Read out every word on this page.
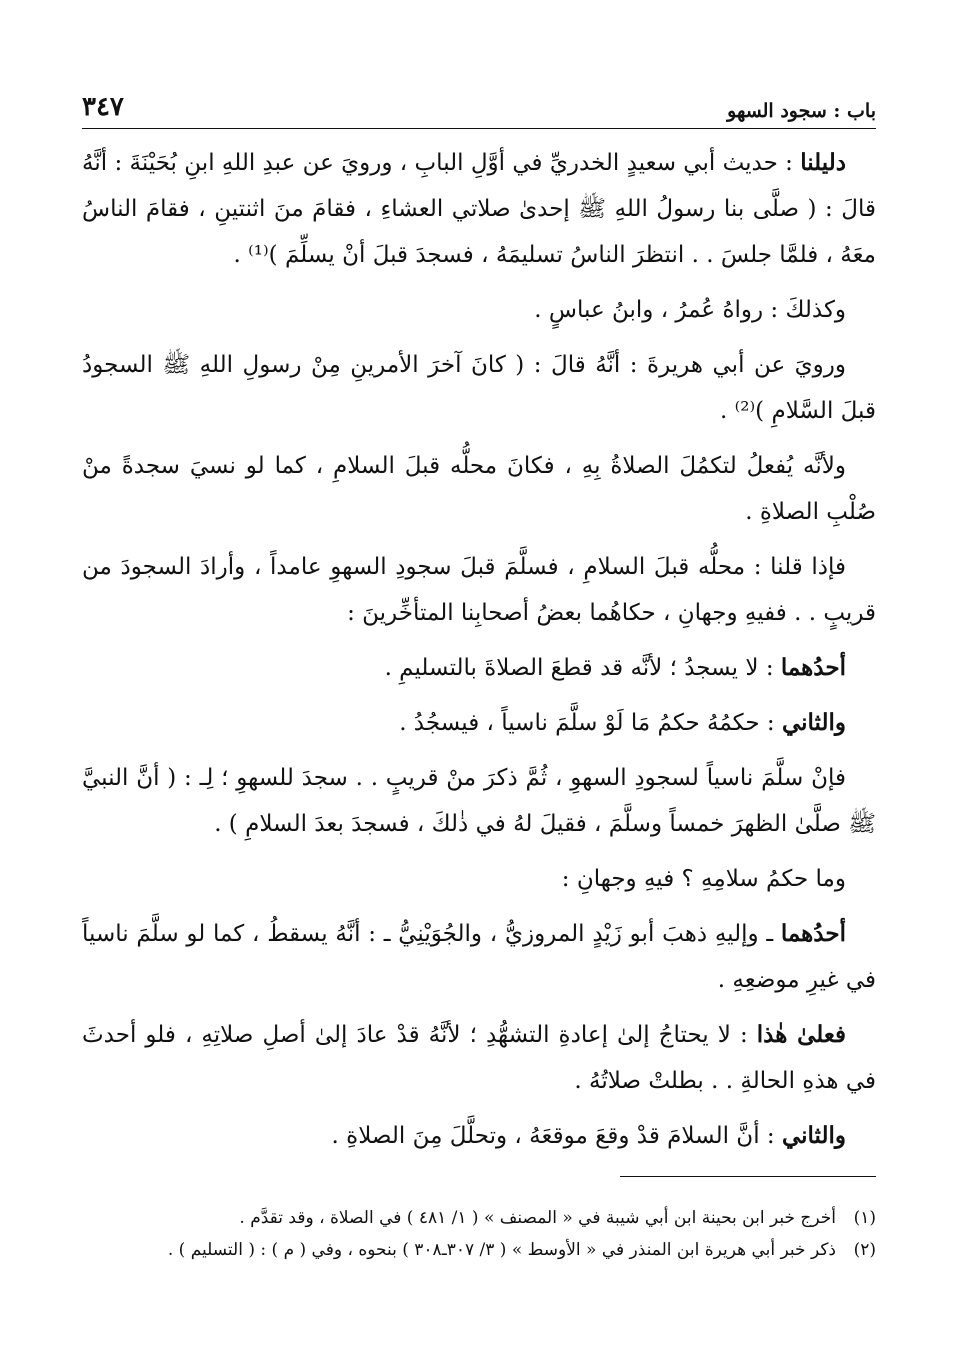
باب : سجود السهو
٣٤٧

دليلنا : حديث أبي سعيدٍ الخدريِّ في أوَّلِ البابِ ، ورويَ عن عبدِ اللهِ ابنِ بُحَيْنَةَ : أنَّهُ قالَ : ( صلَّى بنا رسولُ اللهِ ﷺ إحدىٰ صلاتي العشاءِ ، فقامَ منَ اثنتينِ ، فقامَ الناسُ معَهُ ، فلمَّا جلسَ . . انتظرَ الناسُ تسليمَهُ ، فسجدَ قبلَ أنْ يسلِّمَ )⁽¹⁾ .

وكذلكَ : رواهُ عُمرُ ، وابنُ عباسٍ .

ورويَ عن أبي هريرةَ : أنَّهُ قالَ : ( كانَ آخرَ الأمرينِ مِنْ رسولِ اللهِ ﷺ السجودُ قبلَ السَّلامِ )⁽²⁾ .

ولأنَّه يُفعلُ لتكمُلَ الصلاةُ بِهِ ، فكانَ محلُّه قبلَ السلامِ ، كما لو نسيَ سجدةً منْ صُلْبِ الصلاةِ .

فإذا قلنا : محلُّه قبلَ السلامِ ، فسلَّمَ قبلَ سجودِ السهوِ عامداً ، وأرادَ السجودَ من قريبٍ . . ففيهِ وجهانِ ، حكاهُما بعضُ أصحابِنا المتأخِّرينَ :

أحدُهما : لا يسجدُ ؛ لأنَّه قد قطعَ الصلاةَ بالتسليمِ .

والثاني : حكمُهُ حكمُ مَا لَوْ سلَّمَ ناسياً ، فيسجُدُ .

فإنْ سلَّمَ ناسياً لسجودِ السهوِ ، ثُمَّ ذكرَ منْ قريبٍ . . سجدَ للسهوِ ؛ لِـ : ( أنَّ النبيَّ ﷺ صلَّىٰ الظهرَ خمساً وسلَّمَ ، فقيلَ لهُ في ذٰلكَ ، فسجدَ بعدَ السلامِ ) .

وما حكمُ سلامِهِ ؟ فيهِ وجهانِ :

أحدُهما ـ وإليهِ ذهبَ أبو زَيْدٍ المروزيُّ ، والجُوَيْنِيُّ ـ : أنَّهُ يسقطُ ، كما لو سلَّمَ ناسياً في غيرِ موضعِهِ .

فعلىٰ هٰذا : لا يحتاجُ إلىٰ إعادةِ التشهُّدِ ؛ لأنَّهُ قدْ عادَ إلىٰ أصلِ صلاتِهِ ، فلو أحدثَ في هذهِ الحالةِ . . بطلتْ صلاتُهُ .

والثاني : أنَّ السلامَ قدْ وقعَ موقعَهُ ، وتحلَّلَ مِنَ الصلاةِ .

(١)
أخرج خبر ابن بحينة ابن أبي شيبة في « المصنف » ( ١/ ٤٨١ ) في الصلاة ، وقد تقدَّم .
(٢)
ذكر خبر أبي هريرة ابن المنذر في « الأوسط » ( ٣/ ٣٠٧ـ٣٠٨ ) بنحوه ، وفي ( م ) : ( التسليم ) .
